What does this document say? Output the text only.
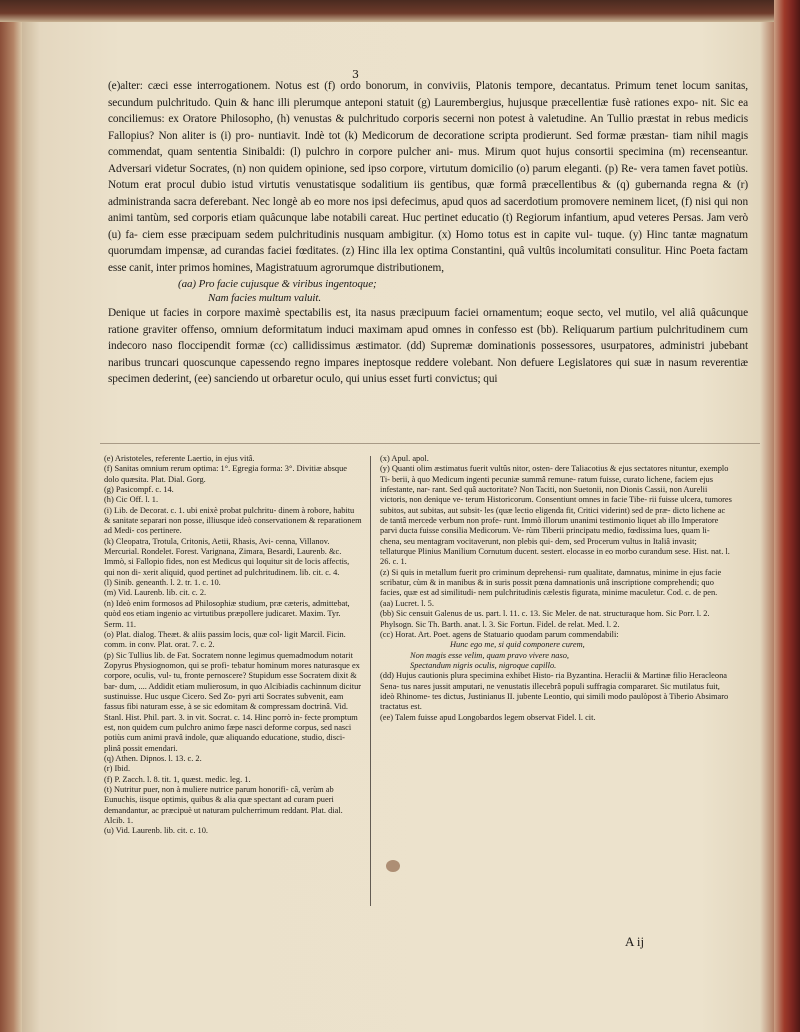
3

(e)alter: cæci esse interrogationem. Notus est (f) ordo bonorum, in conviviis, Platonis tempore, decantatus. Primum tenet locum sanitas, secundum pulchritudo. Quin & hanc illi plerumque anteponi statuit (g) Laurembergius, hujusque præcellentiæ fusè rationes expo- nit. Sic ea conciliemus: ex Oratore Philosopho, (h) venustas & pulchritudo corporis secerni non potest à valetudine. An Tullio præstat in rebus medicis Fallopius? Non aliter is (i) pro- nuntiavit. Indè tot (k) Medicorum de decoratione scripta prodierunt. Sed formæ præstan- tiam nihil magis commendat, quam sententia Sinibaldi: (l) pulchro in corpore pulcher ani- mus. Mirum quot hujus consortii specimina (m) recenseantur. Adversari videtur Socrates, (n) non quidem opinione, sed ipso corpore, virtutum domicilio (o) parum eleganti. (p) Re- vera tamen favet potiùs. Notum erat procul dubio istud virtutis venustatisque sodalitium iis gentibus, quæ formâ præcellentibus & (q) gubernanda regna & (r) administranda sacra deferebant. Nec longè ab eo more nos ipsi defecimus, apud quos ad sacerdotium promovere neminem licet, (f) nisi qui non animi tantùm, sed corporis etiam quâcunque labe notabili careat. Huc pertinet educatio (t) Regiorum infantium, apud veteres Persas. Jam verò (u) fa- ciem esse præcipuam sedem pulchritudinis nusquam ambigitur. (x) Homo totus est in capite vul- tuque. (y) Hinc tantæ magnatum quorumdam impensæ, ad curandas faciei fœditates. (z) Hinc illa lex optima Constantini, quâ vultûs incolumitati consulitur. Hinc Poeta factam esse canit, inter primos homines, Magistratuum agrorumque distributionem,

(aa) Pro facie cujusque & viribus ingentoque;
Nam facies multum valuit.

Denique ut facies in corpore maximè spectabilis est, ita nasus præcipuum faciei ornamentum; eoque secto, vel mutilo, vel aliâ quâcunque ratione graviter offenso, omnium deformitatum induci maximam apud omnes in confesso est (bb). Reliquarum partium pulchritudinem cum indecoro naso floccipendit formæ (cc) callidissimus æstimator. (dd) Supremæ dominationis possessores, usurpatores, administri jubebant naribus truncari quoscunque capessendo regno impares ineptosque reddere volebant. Non defuere Legislatores qui suæ in nasum reverentiæ specimen dederint, (ee) sanciendo ut orbaretur oculo, qui unius esset furti convictus; qui

(e) Aristoteles, referente Laertio, in ejus vitâ.
(f) Sanitas omnium rerum optima: 1°. Egregia forma: 3°. Divitiæ absque dolo quæsita. Plat. Dial. Gorg.
(g) Pasicompf. c. 14.
(h) Cic Off. l. 1.
(i) Lib. de Decorat. c. 1. ubi enixè probat pulchritu- dinem à robore, habitu & sanitate separari non posse, illiusque ideò conservationem & reparationem ad Medi- cos pertinere.
(k) Cleopatra, Trotula, Critonis, Aetii, Rhasis, Avi- cenna, Villanov. Mercurial. Rondelet. Forest. Varignana, Zimara, Besardi, Laurenb. &c. Immò, si Fallopio fides, non est Medicus qui loquitur sit de locis affectis, qui non di- xerit aliquid, quod pertinet ad pulchritudinem. lib. cit. c. 4.
(l) Sinib. geneanth. l. 2. tr. 1. c. 10.
(m) Vid. Laurenb. lib. cit. c. 2.
(n) Ideò enim formosos ad Philosophiæ studium, præ cæteris, admittebat, quòd eos etiam ingenio ac virtutibus præpollere judicaret. Maxim. Tyr. Serm. 11.
(o) Plat. dialog. Theæt. & aliis passim locis, quæ col- ligit Marcil. Ficin. comm. in conv. Plat. orat. 7. c. 2.
(p) Sic Tullius lib. de Fat. Socratem nonne legimus quemadmodum notarit Zopyrus Physiognomon, qui se profi- tebatur hominum mores naturasque ex corpore, oculis, vul- tu, fronte pernoscere? Stupidum esse Socratem dixit & bar- dum, .... Addidit etiam mulierosum, in quo Alcibiadis cachinnum dicitur sustinuisse. Huc usque Cicero. Sed Zo- pyri arti Socrates subvenit, eam fassus fibi naturam esse, à se sic edomitam & compressam doctrinâ. Vid. Stanl. Hist. Phil. part. 3. in vit. Socrat. c. 14. Hinc porrò in- fecte promptum est, non quidem cum pulchro animo fæpe nasci deforme corpus, sed nasci potiùs cum animi pravâ indole, quæ aliquando educatione, studio, disci- plinâ possit emendari.
(q) Athen. Dipnos. l. 13. c. 2.
(r) Ibid.
(f) P. Zacch. l. 8. tit. 1, quæst. medic. leg. 1.
(t) Nutritur puer, non à muliere nutrice parum honorifi- câ, verùm ab Eunuchis, iisque optimis, quibus & alia quæ spectant ad curam pueri demandantur, ac præcipuè ut naturam pulcherrimum reddant. Plat. dial. Alcib. 1.
(u) Vid. Laurenb. lib. cit. c. 10.
(x) Apul. apol.
(y) Quanti olim æstimatus fuerit vultûs nitor, osten- dere Taliacotius & ejus sectatores nituntur, exemplo Ti- berii, à quo Medicum ingenti pecuniæ summâ remune- ratum fuisse, curato lichene, faciem ejus infestante, nar- rant. Sed quâ auctoritate? Non Taciti, non Suetonii, non Dionis Cassii, non Aurelii victoris, non denique ve- terum Historicorum. Consentiunt omnes in facie Tibe- rii fuisse ulcera, tumores subitos, aut subitas, aut subsit- les (quæ lectio eligenda fit, Critici viderint) sed de præ- dicto lichene ac de tantâ mercede verbum non profe- runt. Immò illorum unanimi testimonio liquet ab illo Imperatore parvi ducta fuisse consilia Medicorum. Ve- rùm Tiberii principatu medio, fœdissima lues, quam li- chena, seu mentagram vocitaverunt, non plebis qui- dem, sed Procerum vultus in Italiâ invasit; tellaturque Plinius Manilium Cornutum ducent. sestert. elocasse in eo morbo curandum sese. Hist. nat. l. 26. c. 1.
(z) Si quis in metallum fuerit pro criminum deprehensi- rum qualitate, damnatus, minime in ejus facie scribatur, cùm & in manibus & in suris possit pœna damnationis unâ inscriptione comprehendi; quo facies, quæ est ad similitudi- nem pulchritudinis cælestis figurata, minime maculetur. Cod. c. de pen.
(aa) Lucret. l. 5.
(bb) Sic censuit Galenus de us. part. l. 11. c. 13. Sic Meler. de nat. structuraque hom. Sic Porr. l. 2. Phylsogn. Sic Th. Barth. anat. l. 3. Sic Fortun. Fidel. de relat. Med. l. 2.
(cc) Horat. Art. Poet. agens de Statuario quodam parum commendabili:
Hunc ego me, si quid componere curem,
Non magis esse velim, quam pravo vivere naso,
Spectandum nigris oculis, nigroque capillo.
(dd) Hujus cautionis plura specimina exhibet Histo- ria Byzantina. Heraclii & Martinæ filio Heracleona Sena- tus nares jussit amputari, ne venustatis illecebrâ populi suffragia compararet. Sic mutilatus fuit, ideò Rhinome- tes dictus, Justinianus II. jubente Leontio, qui simili modo paulòpost à Tiberio Absimaro tractatus est.
(ee) Talem fuisse apud Longobardos legem observat Fidel. l. cit.
A ij
